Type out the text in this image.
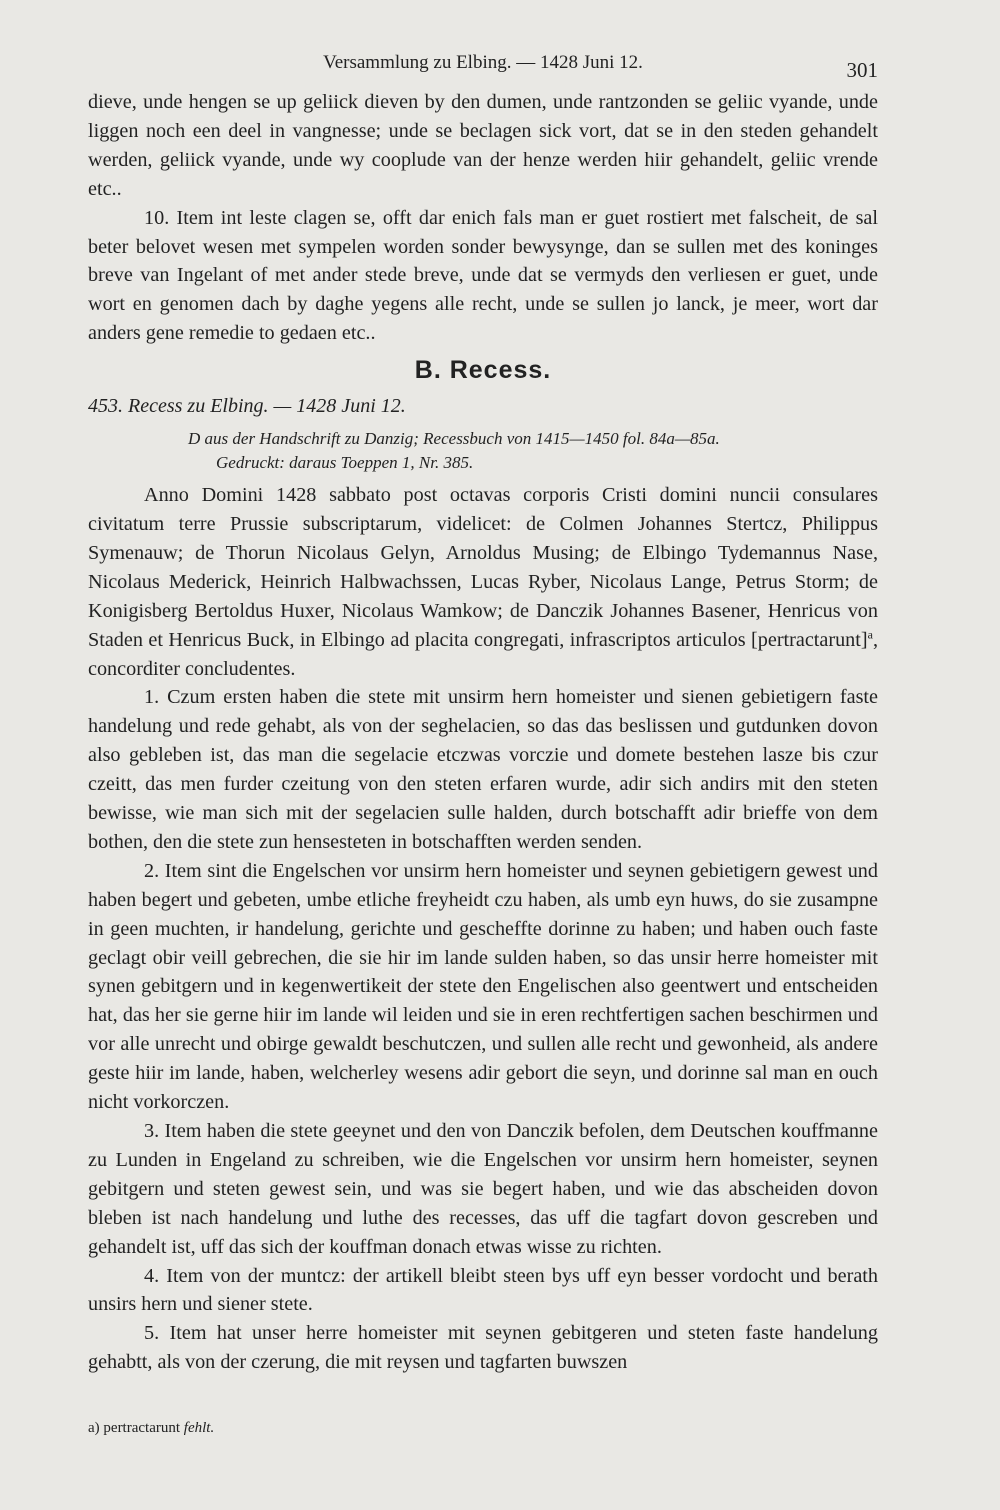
Versammlung zu Elbing. — 1428 Juni 12.	301

dieve, unde hengen se up geliick dieven by den dumen, unde rantzonden se geliic vyande, unde liggen noch een deel in vangnesse; unde se beclagen sick vort, dat se in den steden gehandelt werden, geliick vyande, unde wy cooplude van der henze werden hiir gehandelt, geliic vrende etc..

10. Item int leste clagen se, offt dar enich fals man er guet rostiert met falscheit, de sal beter belovet wesen met sympelen worden sonder bewysynge, dan se sullen met des koninges breve van Ingelant of met ander stede breve, unde dat se vermyds den verliesen er guet, unde wort en genomen dach by daghe yegens alle recht, unde se sullen jo lanck, je meer, wort dar anders gene remedie to gedaen etc..

B. Recess.

453. Recess zu Elbing. — 1428 Juni 12.

D aus der Handschrift zu Danzig; Recessbuch von 1415—1450 fol. 84a—85a.
Gedruckt: daraus Toeppen 1, Nr. 385.

Anno Domini 1428 sabbato post octavas corporis Cristi domini nuncii consulares civitatum terre Prussie subscriptarum, videlicet: de Colmen Johannes Stertcz, Philippus Symenauw; de Thorun Nicolaus Gelyn, Arnoldus Musing; de Elbingo Tydemannus Nase, Nicolaus Mederick, Heinrich Halbwachssen, Lucas Ryber, Nicolaus Lange, Petrus Storm; de Konigisberg Bertoldus Huxer, Nicolaus Wamkow; de Danczik Johannes Basener, Henricus von Staden et Henricus Buck, in Elbingo ad placita congregati, infrascriptos articulos [pertractarunt]$^a$, concorditer concludentes.

1. Czum ersten haben die stete mit unsirm hern homeister und sienen gebietigern faste handelung und rede gehabt, als von der seghelacien, so das das beslissen und gutdunken dovon also gebleben ist, das man die segelacie etczwas vorczie und domete bestehen lasze bis czur czeitt, das men furder czeitung von den steten erfaren wurde, adir sich andirs mit den steten bewisse, wie man sich mit der segelacien sulle halden, durch botschafft adir brieffe von dem bothen, den die stete zun hensesteten in botschafften werden senden.

2. Item sint die Engelschen vor unsirm hern homeister und seynen gebietigern gewest und haben begert und gebeten, umbe etliche freyheidt czu haben, als umb eyn huws, do sie zusampne in geen muchten, ir handelung, gerichte und gescheffte dorinne zu haben; und haben ouch faste geclagt obir veill gebrechen, die sie hir im lande sulden haben, so das unsir herre homeister mit synen gebitgern und in kegenwertikeit der stete den Engelischen also geentwert und entscheiden hat, das her sie gerne hiir im lande wil leiden und sie in eren rechtfertigen sachen beschirmen und vor alle unrecht und obirge gewaldt beschutczen, und sullen alle recht und gewonheid, als andere geste hiir im lande, haben, welcherley wesens adir gebort die seyn, und dorinne sal man en ouch nicht vorkorczen.

3. Item haben die stete geeynet und den von Danczik befolen, dem Deutschen kouffmanne zu Lunden in Engeland zu schreiben, wie die Engelschen vor unsirm hern homeister, seynen gebitgern und steten gewest sein, und was sie begert haben, und wie das abscheiden dovon bleben ist nach handelung und luthe des recesses, das uff die tagfart dovon gescreben und gehandelt ist, uff das sich der kouffman donach etwas wisse zu richten.

4. Item von der muntcz: der artikell bleibt steen bys uff eyn besser vordocht und berath unsirs hern und siener stete.

5. Item hat unser herre homeister mit seynen gebitgeren und steten faste handelung gehabtt, als von der czerung, die mit reysen und tagfarten buwszen

a) pertractarunt fehlt.
